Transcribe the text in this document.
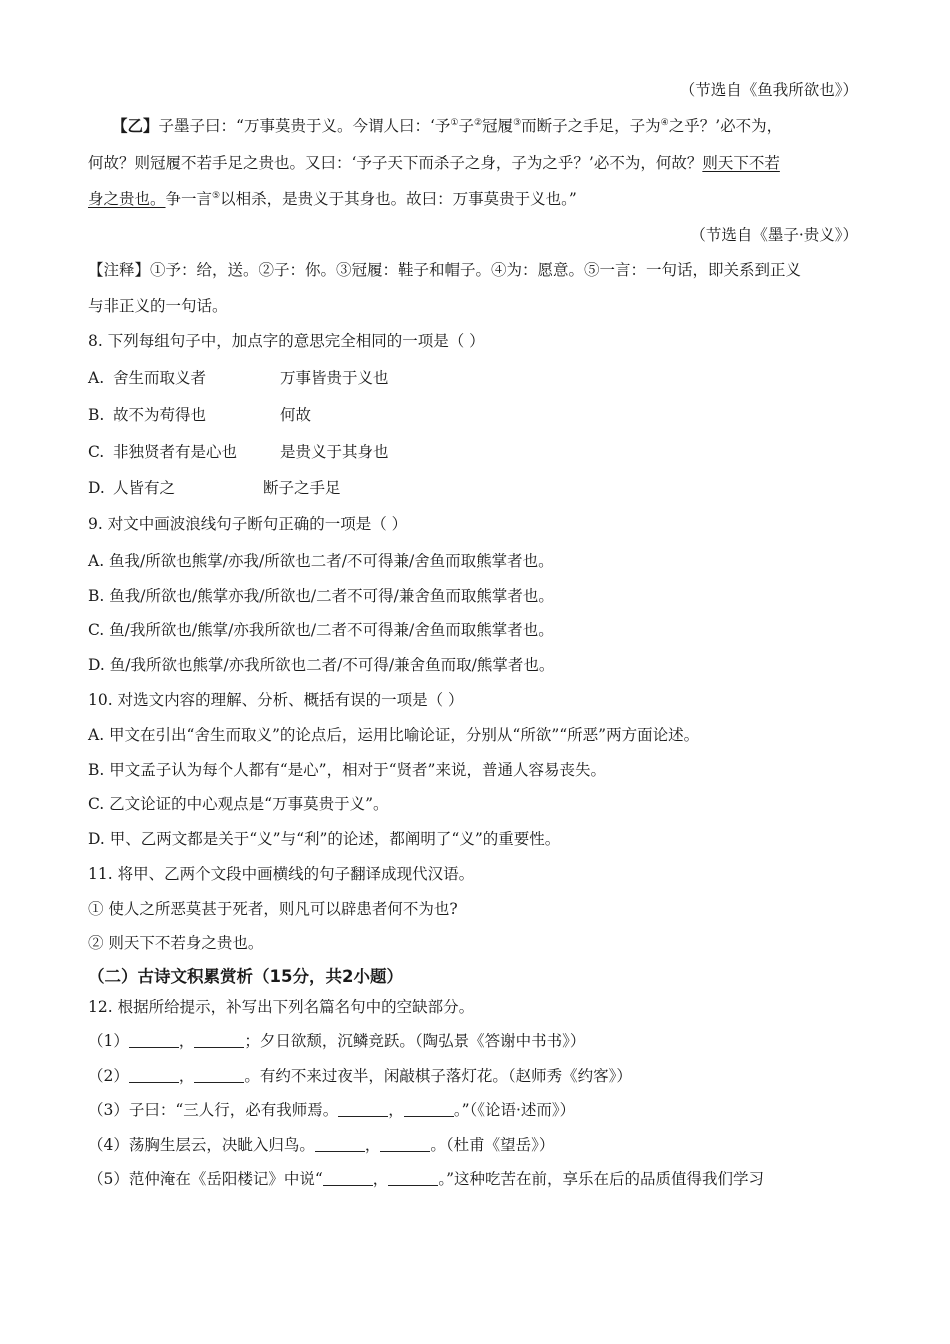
（节选自《鱼我所欲也》）
【乙】子墨子曰：“万事莫贵于义。今谓人曰：‘予①子②冠履③而断子之手足，子为④之乎？’必不为，
何故？则冠履不若手足之贵也。又曰：‘予子天下而杀子之身，子为之乎？’必不为，何故？则天下不若
身之贵也。争一言⑤以相杀，是贵义于其身也。故曰：万事莫贵于义也。”
（节选自《墨子·贵义》）
【注释】①予：给，送。②子：你。③冠履：鞋子和帽子。④为：愿意。⑤一言：一句话，即关系到正义
与非正义的一句话。
8. 下列每组句子中，加点字的意思完全相同的一项是（ ）
A. 舍生而取义者	万事皆贵于义也
B. 故不为苟得也	何故
C. 非独贤者有是心也	是贵义于其身也
D. 人皆有之	断子之手足
9. 对文中画波浪线句子断句正确的一项是（ ）
A. 鱼我/所欲也熊掌/亦我/所欲也二者/不可得兼/舍鱼而取熊掌者也。
B. 鱼我/所欲也/熊掌亦我/所欲也/二者不可得/兼舍鱼而取熊掌者也。
C. 鱼/我所欲也/熊掌/亦我所欲也/二者不可得兼/舍鱼而取熊掌者也。
D. 鱼/我所欲也熊掌/亦我所欲也二者/不可得/兼舍鱼而取/熊掌者也。
10. 对选文内容的理解、分析、概括有误的一项是（ ）
A. 甲文在引出“舍生而取义”的论点后，运用比喻论证，分别从“所欲”“所恶”两方面论述。
B. 甲文孟子认为每个人都有“是心”，相对于“贤者”来说，普通人容易丧失。
C. 乙文论证的中心观点是“万事莫贵于义”。
D. 甲、乙两文都是关于“义”与“利”的论述，都阐明了“义”的重要性。
11. 将甲、乙两个文段中画横线的句子翻译成现代汉语。
① 使人之所恶莫甚于死者，则凡可以辟患者何不为也?
② 则天下不若身之贵也。
（二）古诗文积累赏析（15分，共2小题）
12. 根据所给提示，补写出下列名篇名句中的空缺部分。
（1）	，	；夕日欲颓，沉鳞竞跃。（陶弘景《答谢中书书》）
（2）	，	。有约不来过夜半，闲敲棋子落灯花。（赵师秀《约客》）
（3）子曰：“三人行，必有我师焉。	，	。”（《论语·述而》）
（4）荡胸生层云，决眦入归鸟。	，	。（杜甫《望岳》）
（5）范仲淹在《岳阳楼记》中说“	，	。”这种吃苦在前，享乐在后的品质值得我们学习
